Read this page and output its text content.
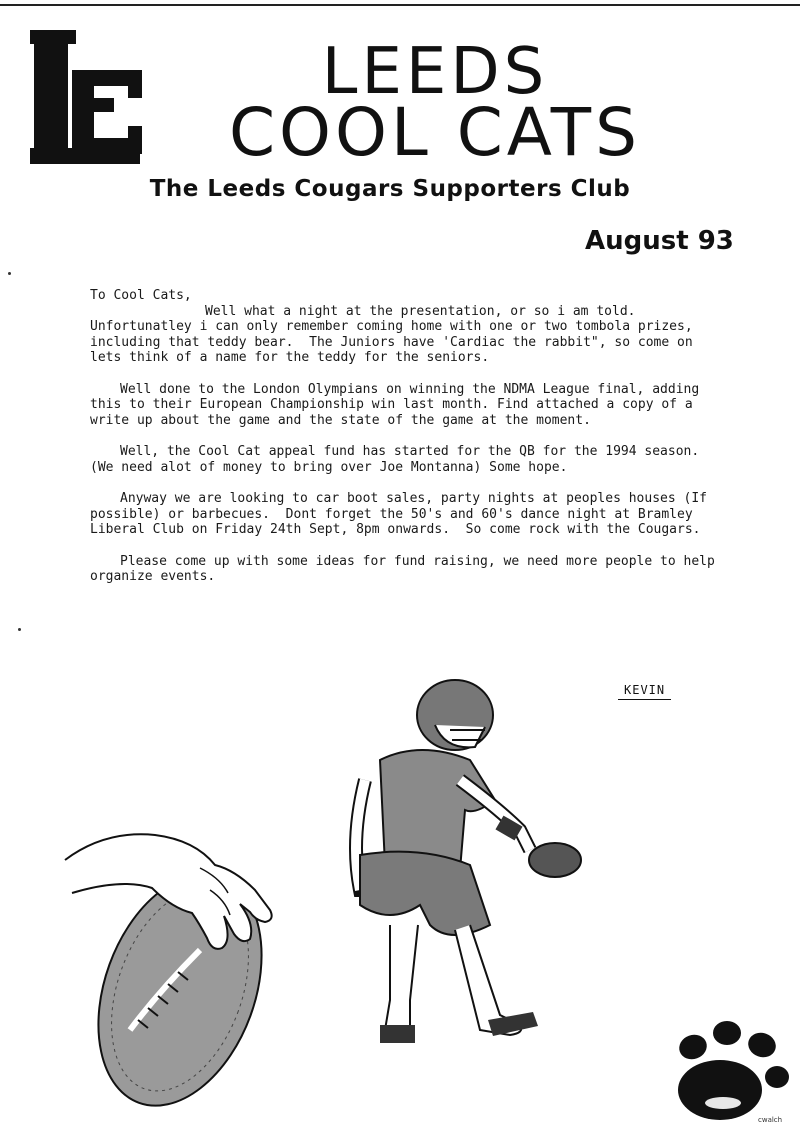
LEEDS
COOL CATS
The Leeds Cougars Supporters Club
August 93

To Cool Cats,

Well what a night at the presentation, or so i am told.  Unfortunatley i can only remember coming home with one or two tombola prizes, including that teddy bear.  The Juniors have 'Cardiac the rabbit", so come on lets think of a name for the teddy for the seniors.

Well done to the London Olympians on winning the NDMA League final, adding this to their European Championship win last month. Find attached a copy of a write up about the game and the state of the game at the moment.

Well, the Cool Cat appeal fund has started for the QB for the 1994 season. (We need alot of money to bring over Joe Montanna) Some hope.

Anyway we are looking to car boot sales, party nights at peoples houses (If possible) or barbecues.  Dont forget the 50's and 60's dance night at Bramley Liberal Club on Friday 24th Sept, 8pm onwards.  So come rock with the Cougars.

Please come up with some ideas for fund raising, we need more people to help organize events.

KEVIN
cwalch
